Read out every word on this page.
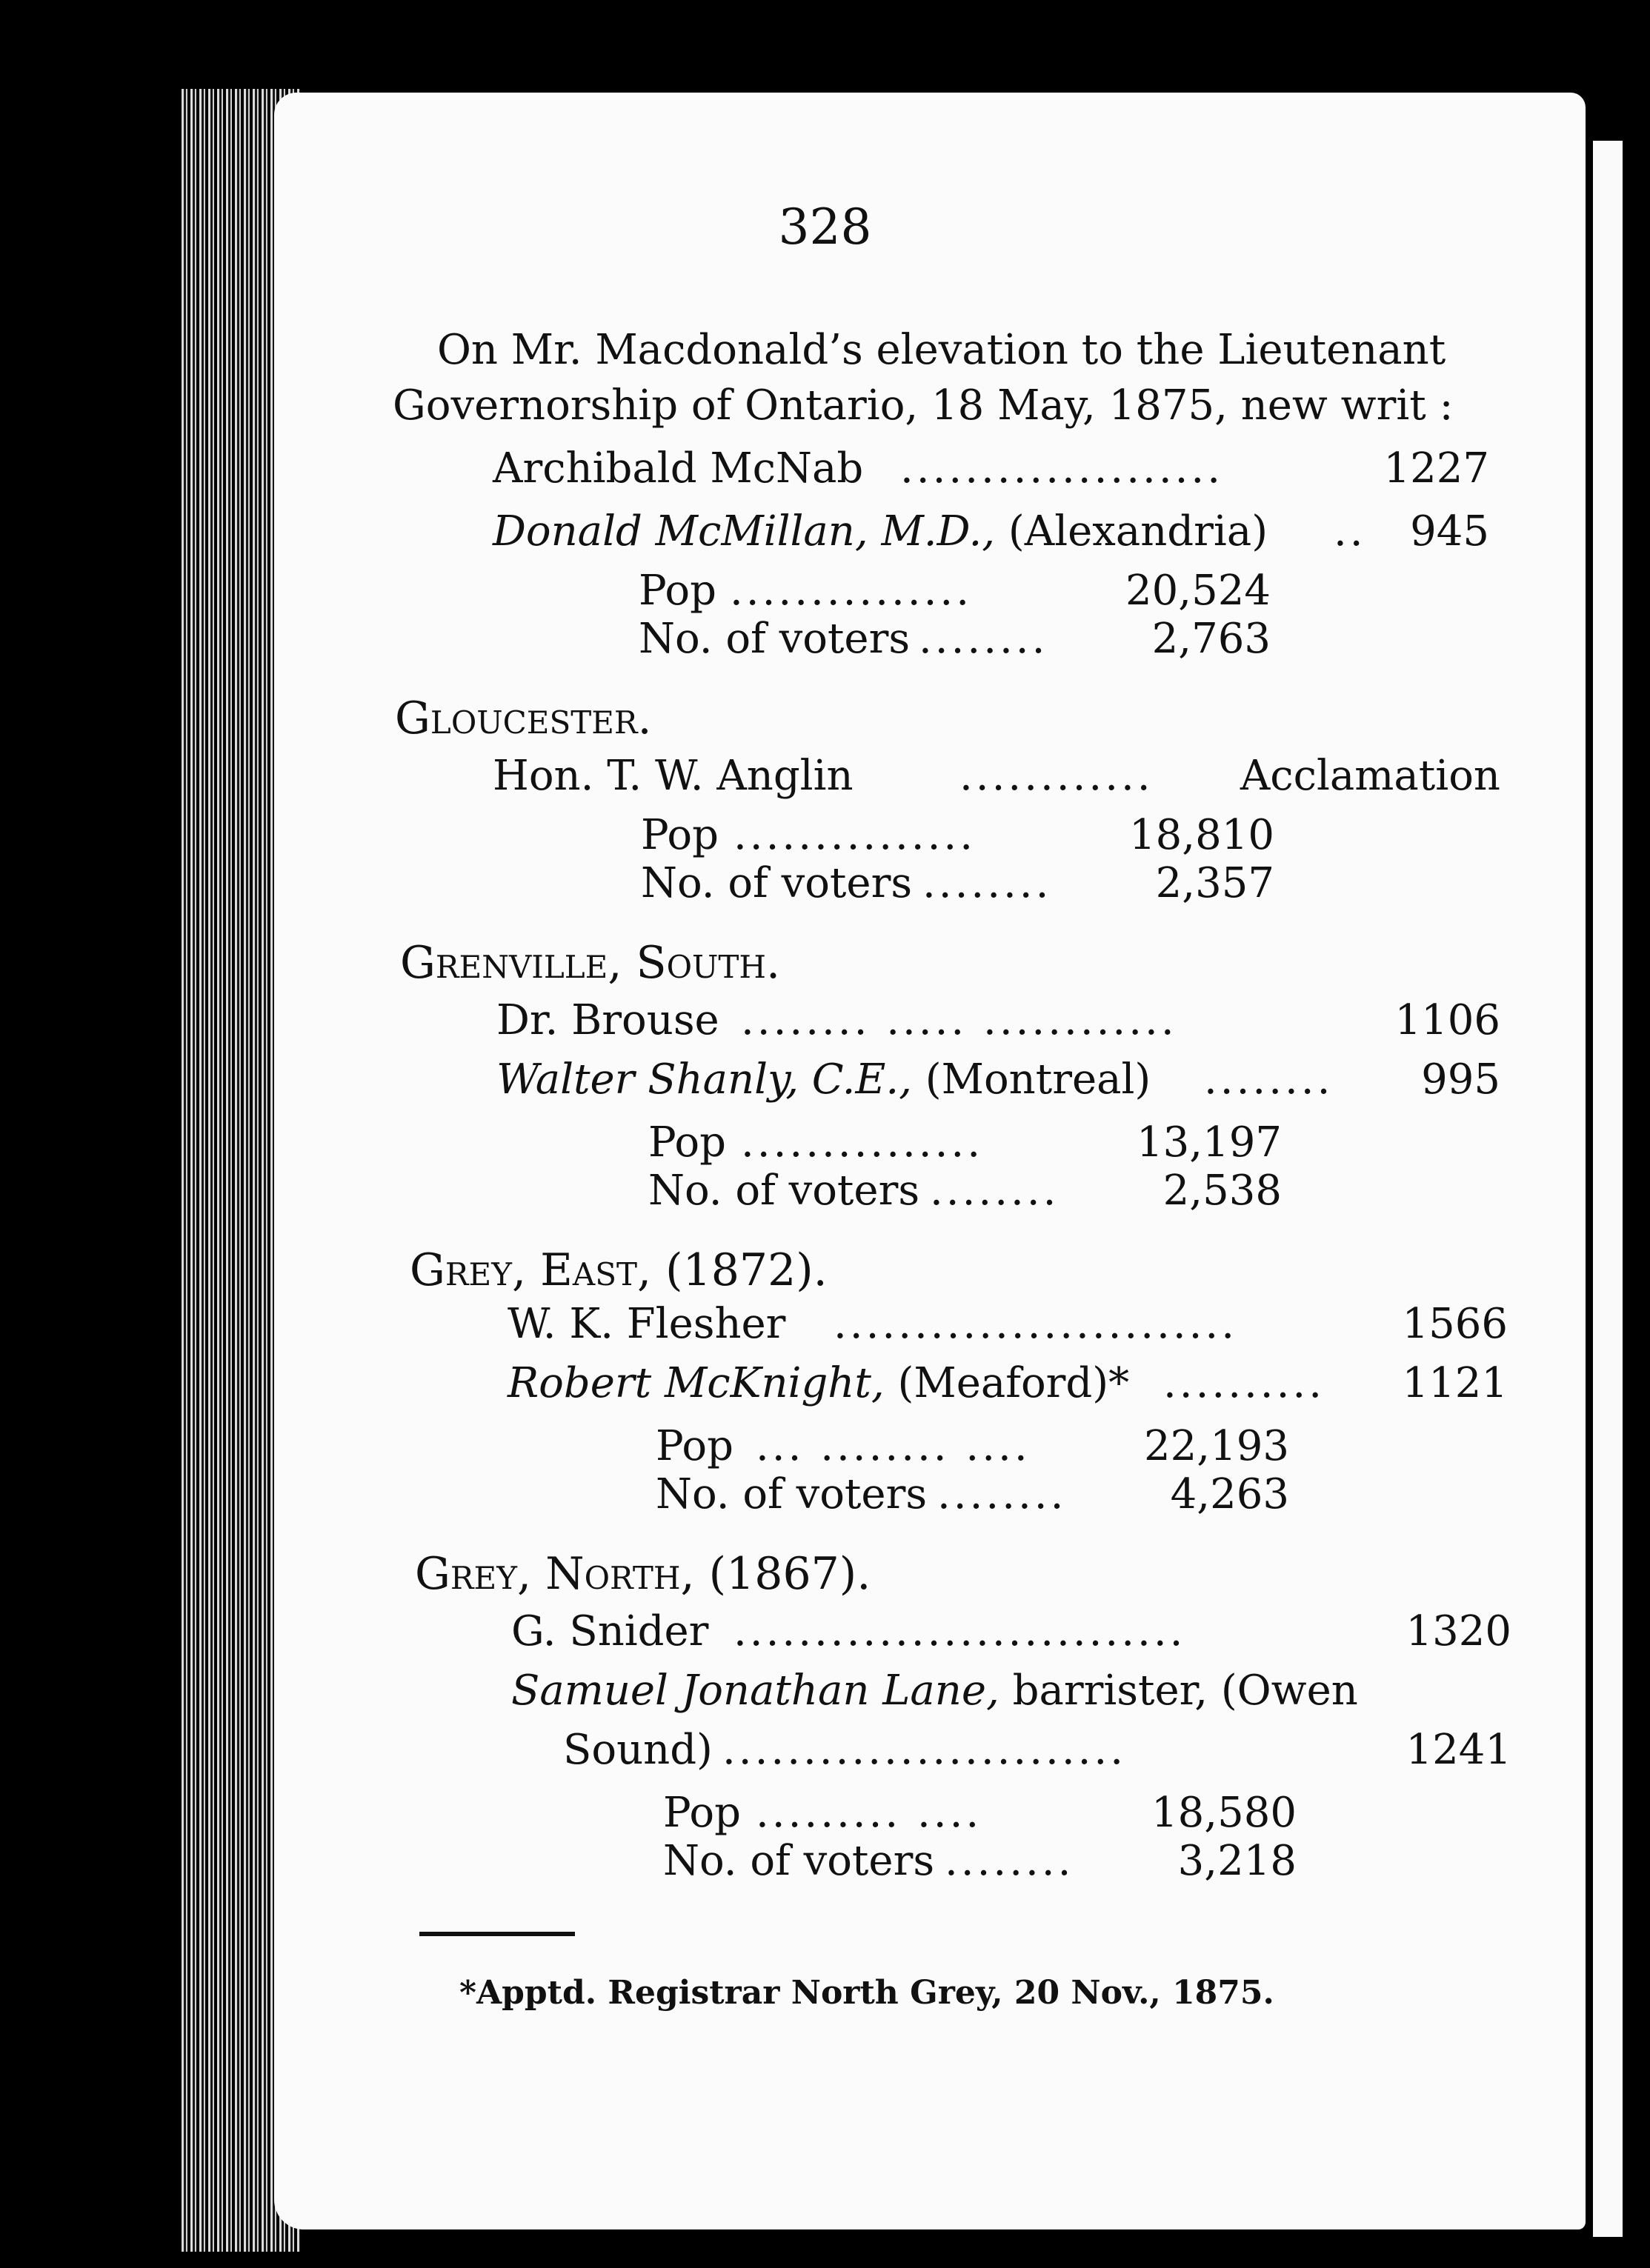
328
On Mr. Macdonald’s elevation to the Lieutenant
Governorship of Ontario, 18 May, 1875, new writ :
Archibald McNab ....................	1227
Donald McMillan, M.D., (Alexandria) ..	945
Pop ...............	20,524
No. of voters ........	2,763
Gloucester.
Hon. T. W. Anglin	............	Acclamation
Pop ...............	18,810
No. of voters ........	2,357
Grenville, South.
Dr. Brouse ........ ..... ............	1106
Walter Shanly, C.E., (Montreal) ........	995
Pop ...............	13,197
No. of voters ........	2,538
Grey, East, (1872).
W. K. Flesher .........................	1566
Robert McKnight, (Meaford)* ..........	1121
Pop ... ........ ....	22,193
No. of voters ........	4,263
Grey, North, (1867).
G. Snider ............................	1320
Samuel Jonathan Lane, barrister, (Owen
Sound) .........................	1241
Pop ......... ....	18,580
No. of voters ........	3,218
*Apptd. Registrar North Grey, 20 Nov., 1875.
